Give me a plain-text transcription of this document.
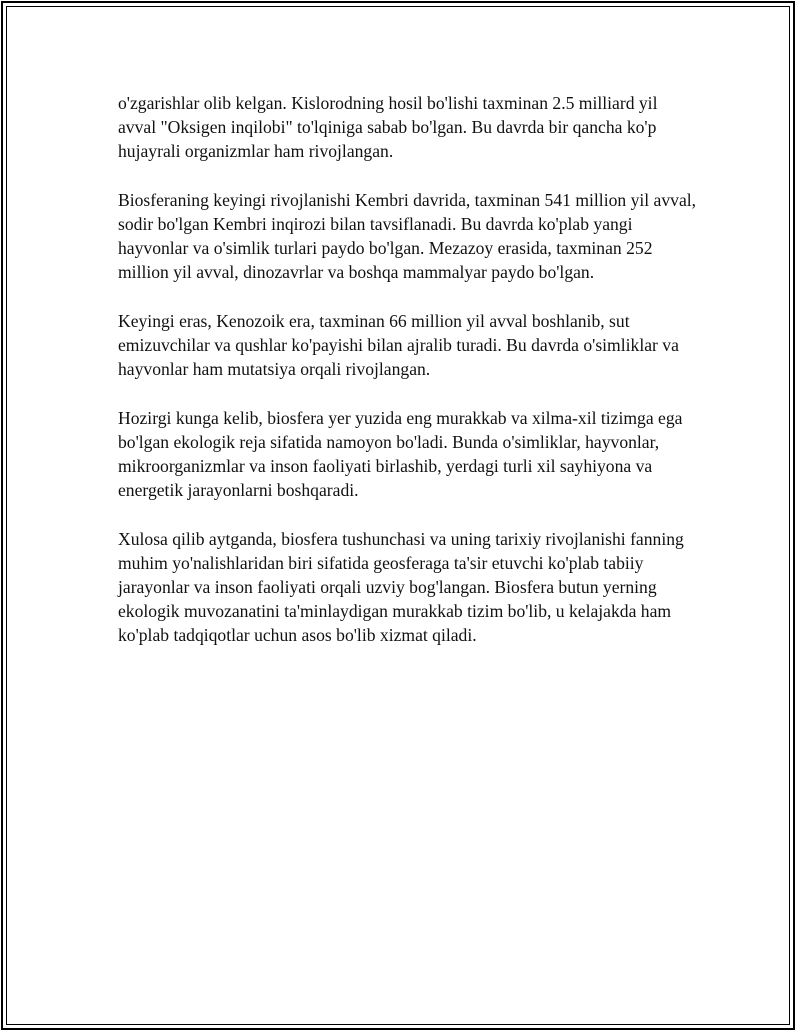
o'zgarishlar olib kelgan. Kislorodning hosil bo'lishi taxminan 2.5 milliard yil avval "Oksigen inqilobi" to'lqiniga sabab bo'lgan. Bu davrda bir qancha ko'p hujayrali organizmlar ham rivojlangan.

Biosferaning keyingi rivojlanishi Kembri davrida, taxminan 541 million yil avval, sodir bo'lgan Kembri inqirozi bilan tavsiflanadi. Bu davrda ko'plab yangi hayvonlar va o'simlik turlari paydo bo'lgan. Mezazoy erasida, taxminan 252 million yil avval, dinozavrlar va boshqa mammalyar paydo bo'lgan.

Keyingi eras, Kenozoik era, taxminan 66 million yil avval boshlanib, sut emizuvchilar va qushlar ko'payishi bilan ajralib turadi. Bu davrda o'simliklar va hayvonlar ham mutatsiya orqali rivojlangan.

Hozirgi kunga kelib, biosfera yer yuzida eng murakkab va xilma-xil tizimga ega bo'lgan ekologik reja sifatida namoyon bo'ladi. Bunda o'simliklar, hayvonlar, mikroorganizmlar va inson faoliyati birlashib, yerdagi turli xil sayhiyona va energetik jarayonlarni boshqaradi.

Xulosa qilib aytganda, biosfera tushunchasi va uning tarixiy rivojlanishi fanning muhim yo'nalishlaridan biri sifatida geosferaga ta'sir etuvchi ko'plab tabiiy jarayonlar va inson faoliyati orqali uzviy bog'langan. Biosfera butun yerning ekologik muvozanatini ta'minlaydigan murakkab tizim bo'lib, u kelajakda ham ko'plab tadqiqotlar uchun asos bo'lib xizmat qiladi.
